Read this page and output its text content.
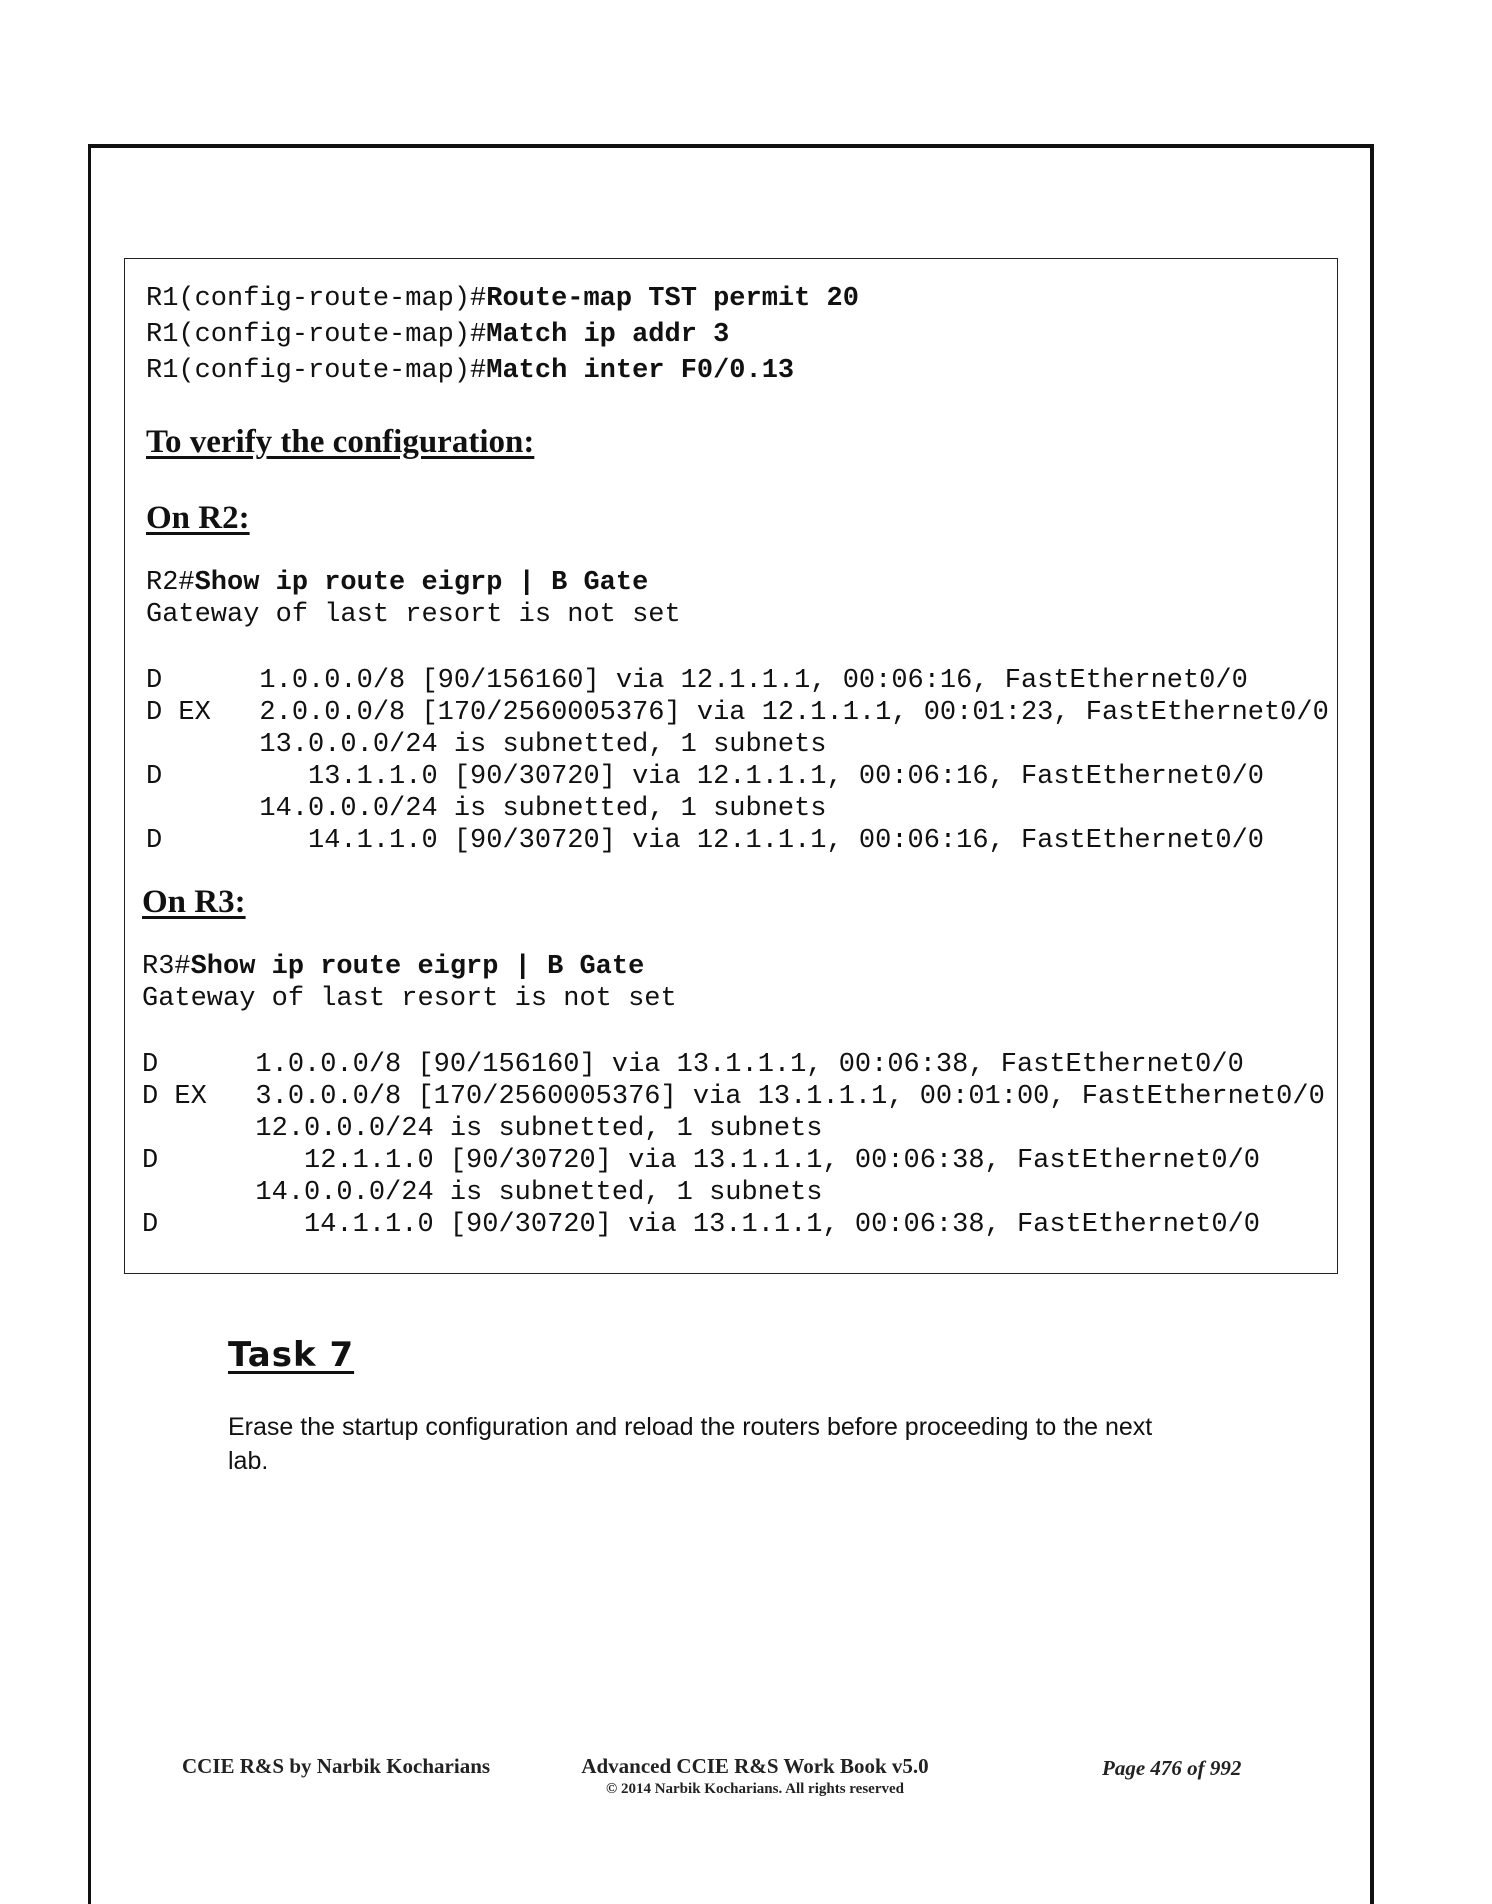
R1(config-route-map)#Route-map TST permit 20
R1(config-route-map)#Match ip addr 3
R1(config-route-map)#Match inter F0/0.13
To verify the configuration:
On R2:
R2#Show ip route eigrp | B Gate
Gateway of last resort is not set
D      1.0.0.0/8 [90/156160] via 12.1.1.1, 00:06:16, FastEthernet0/0
D EX   2.0.0.0/8 [170/2560005376] via 12.1.1.1, 00:01:23, FastEthernet0/0
13.0.0.0/24 is subnetted, 1 subnets
D         13.1.1.0 [90/30720] via 12.1.1.1, 00:06:16, FastEthernet0/0
14.0.0.0/24 is subnetted, 1 subnets
D         14.1.1.0 [90/30720] via 12.1.1.1, 00:06:16, FastEthernet0/0
On R3:
R3#Show ip route eigrp | B Gate
Gateway of last resort is not set
D      1.0.0.0/8 [90/156160] via 13.1.1.1, 00:06:38, FastEthernet0/0
D EX   3.0.0.0/8 [170/2560005376] via 13.1.1.1, 00:01:00, FastEthernet0/0
12.0.0.0/24 is subnetted, 1 subnets
D         12.1.1.0 [90/30720] via 13.1.1.1, 00:06:38, FastEthernet0/0
14.0.0.0/24 is subnetted, 1 subnets
D         14.1.1.0 [90/30720] via 13.1.1.1, 00:06:38, FastEthernet0/0
Task 7
Erase the startup configuration and reload the routers before proceeding to the next lab.
CCIE R&S by Narbik Kocharians	Advanced CCIE R&S Work Book v5.0
© 2014 Narbik Kocharians. All rights reserved
Page 476 of 992
